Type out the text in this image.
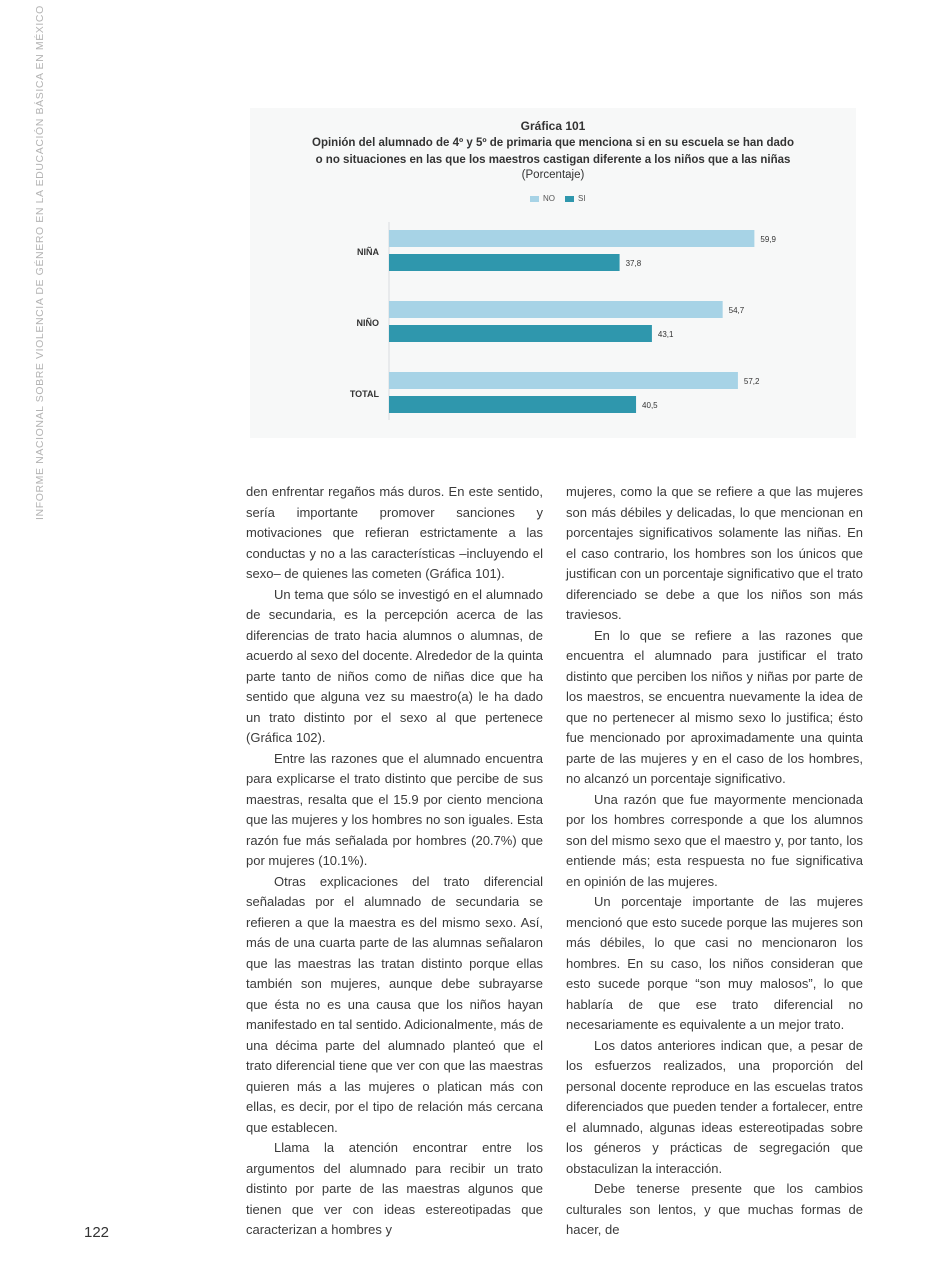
INFORME NACIONAL SOBRE VIOLENCIA DE GÉNERO EN LA EDUCACIÓN BÁSICA EN MÉXICO	Gráfica 101
Opinión del alumnado de 4º y 5º de primaria que menciona si en su escuela se han dado
o no situaciones en las que los maestros castigan diferente a los niños que a las niñas
(Porcentaje)
NO	SI
NIÑA
59,9
37,8
NIÑO
54,7
43,1
TOTAL
57,2
40,5

den enfrentar regaños más duros. En este sentido, sería importante promover sanciones y motivaciones que refieran estrictamente a las conductas y no a las características –incluyendo el sexo– de quienes las cometen (Gráfica 101).

Un tema que sólo se investigó en el alumnado de secundaria, es la percepción acerca de las diferencias de trato hacia alumnos o alumnas, de acuerdo al sexo del docente. Alrededor de la quinta parte tanto de niños como de niñas dice que ha sentido que alguna vez su maestro(a) le ha dado un trato distinto por el sexo al que pertenece (Gráfica 102).

Entre las razones que el alumnado encuentra para explicarse el trato distinto que percibe de sus maestras, resalta que el 15.9 por ciento menciona que las mujeres y los hombres no son iguales. Esta razón fue más señalada por hombres (20.7%) que por mujeres (10.1%).

Otras explicaciones del trato diferencial señaladas por el alumnado de secundaria se refieren a que la maestra es del mismo sexo. Así, más de una cuarta parte de las alumnas señalaron que las maestras las tratan distinto porque ellas también son mujeres, aunque debe subrayarse que ésta no es una causa que los niños hayan manifestado en tal sentido. Adicionalmente, más de una décima parte del alumnado planteó que el trato diferencial tiene que ver con que las maestras quieren más a las mujeres o platican más con ellas, es decir, por el tipo de relación más cercana que establecen.

Llama la atención encontrar entre los argumentos del alumnado para recibir un trato distinto por parte de las maestras algunos que tienen que ver con ideas estereotipadas que caracterizan a hombres y

mujeres, como la que se refiere a que las mujeres son más débiles y delicadas, lo que mencionan en porcentajes significativos solamente las niñas. En el caso contrario, los hombres son los únicos que justifican con un porcentaje significativo que el trato diferenciado se debe a que los niños son más traviesos.

En lo que se refiere a las razones que encuentra el alumnado para justificar el trato distinto que perciben los niños y niñas por parte de los maestros, se encuentra nuevamente la idea de que no pertenecer al mismo sexo lo justifica; ésto fue mencionado por aproximadamente una quinta parte de las mujeres y en el caso de los hombres, no alcanzó un porcentaje significativo.

Una razón que fue mayormente mencionada por los hombres corresponde a que los alumnos son del mismo sexo que el maestro y, por tanto, los entiende más; esta respuesta no fue significativa en opinión de las mujeres.

Un porcentaje importante de las mujeres mencionó que esto sucede porque las mujeres son más débiles, lo que casi no mencionaron los hombres. En su caso, los niños consideran que esto sucede porque “son muy malosos”, lo que hablaría de que ese trato diferencial no necesariamente es equivalente a un mejor trato.

Los datos anteriores indican que, a pesar de los esfuerzos realizados, una proporción del personal docente reproduce en las escuelas tratos diferenciados que pueden tender a fortalecer, entre el alumnado, algunas ideas estereotipadas sobre los géneros y prácticas de segregación que obstaculizan la interacción.

Debe tenerse presente que los cambios culturales son lentos, y que muchas formas de hacer, de

122
